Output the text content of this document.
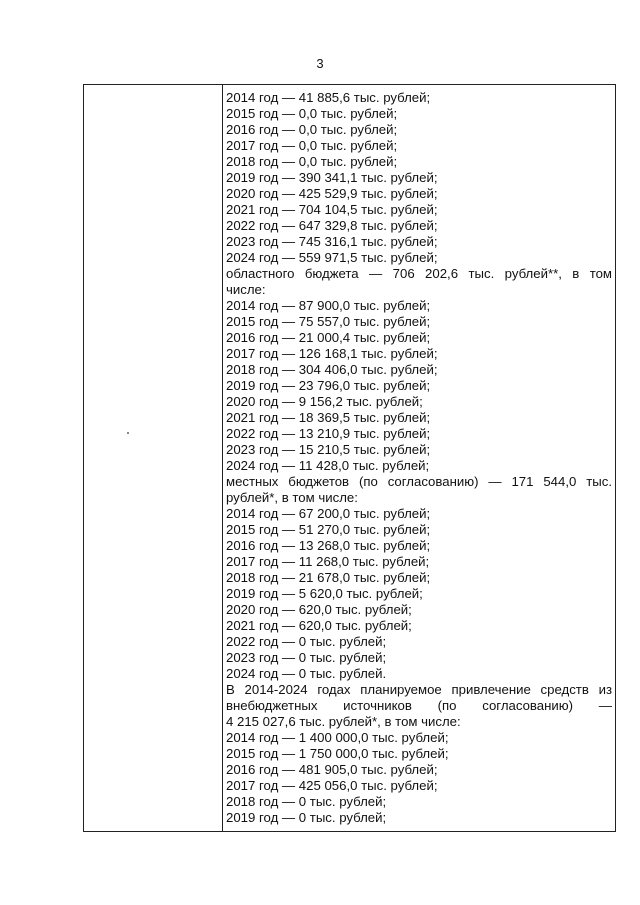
3
2014 год — 41 885,6 тыс. рублей;
2015 год — 0,0 тыс. рублей;
2016 год — 0,0 тыс. рублей;
2017 год — 0,0 тыс. рублей;
2018 год — 0,0 тыс. рублей;
2019 год — 390 341,1 тыс. рублей;
2020 год — 425 529,9 тыс. рублей;
2021 год — 704 104,5 тыс. рублей;
2022 год — 647 329,8 тыс. рублей;
2023 год — 745 316,1 тыс. рублей;
2024 год — 559 971,5 тыс. рублей;
областного бюджета — 706 202,6 тыс. рублей**, в том
числе:
2014 год — 87 900,0 тыс. рублей;
2015 год — 75 557,0 тыс. рублей;
2016 год — 21 000,4 тыс. рублей;
2017 год — 126 168,1 тыс. рублей;
2018 год — 304 406,0 тыс. рублей;
2019 год — 23 796,0 тыс. рублей;
2020 год — 9 156,2 тыс. рублей;
2021 год — 18 369,5 тыс. рублей;
2022 год — 13 210,9 тыс. рублей;
2023 год — 15 210,5 тыс. рублей;
2024 год — 11 428,0 тыс. рублей;
местных бюджетов (по согласованию) — 171 544,0 тыс.
рублей*, в том числе:
2014 год — 67 200,0 тыс. рублей;
2015 год — 51 270,0 тыс. рублей;
2016 год — 13 268,0 тыс. рублей;
2017 год — 11 268,0 тыс. рублей;
2018 год — 21 678,0 тыс. рублей;
2019 год — 5 620,0 тыс. рублей;
2020 год — 620,0 тыс. рублей;
2021 год — 620,0 тыс. рублей;
2022 год — 0 тыс. рублей;
2023 год — 0 тыс. рублей;
2024 год — 0 тыс. рублей.
В 2014-2024 годах планируемое привлечение средств из
внебюджетных источников (по согласованию) —
4 215 027,6 тыс. рублей*, в том числе:
2014 год — 1 400 000,0 тыс. рублей;
2015 год — 1 750 000,0 тыс. рублей;
2016 год — 481 905,0 тыс. рублей;
2017 год — 425 056,0 тыс. рублей;
2018 год — 0 тыс. рублей;
2019 год — 0 тыс. рублей;
